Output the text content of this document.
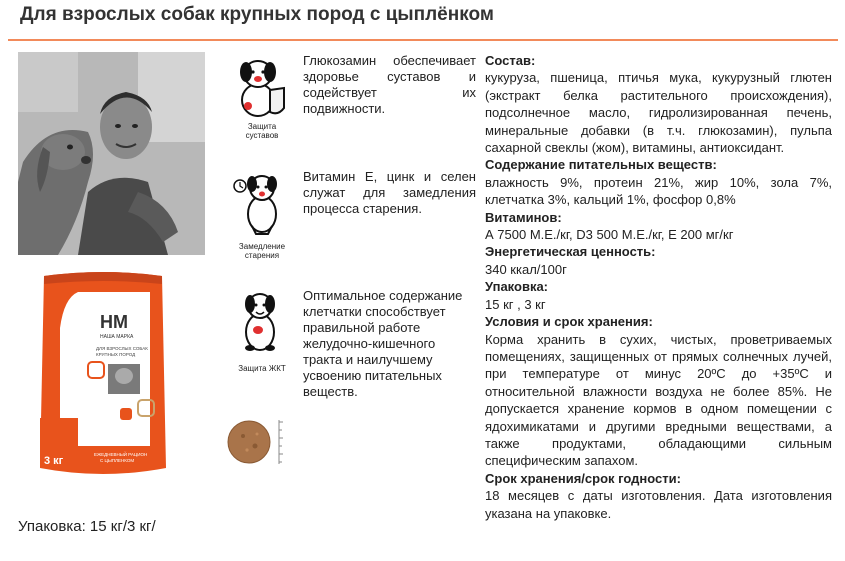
Для взрослых собак крупных пород с цыплёнком
НМ
НАША МАРКА
ДЛЯ ВЗРОСЛЫХ СОБАК
КРУПНЫХ ПОРОД
3 кг
ЕЖЕДНЕВНЫЙ РАЦИОН
С ЦЫПЛЕНКОМ
Упаковка: 15 кг/3 кг/
Защита
суставов
Глюкозамин обеспечивает здоровье суставов и содействует их подвижности.
Замедление
старения
Витамин Е, цинк и селен служат для замедления процесса старения.
Защита ЖКТ
Оптимальное содержание клетчатки способствует правильной работе желудочно-кишечного тракта и наилучшему усвоению питательных веществ.
Состав:
кукуруза, пшеница, птичья мука, кукурузный глютен (экстракт белка растительного происхождения), подсолнечное масло, гидролизированная печень, минеральные добавки (в т.ч. глюкозамин), пульпа сахарной свеклы (жом), витамины, антиоксидант.
Содержание питательных веществ:
влажность 9%, протеин 21%, жир 10%, зола 7%, клетчатка 3%, кальций 1%, фосфор 0,8%
Витаминов:
А 7500 М.Е./кг, D3 500 М.Е./кг, Е 200 мг/кг
Энергетическая ценность:
340 ккал/100г
Упаковка:
15 кг , 3 кг
Условия и срок хранения:
Корма хранить в сухих, чистых, проветриваемых помещениях, защищенных от прямых солнечных лучей, при температуре от минус 20ºС до +35ºС и относительной влажности воздуха не более 85%. Не допускается хранение кормов в одном помещении с ядохимикатами и другими вредными веществами, а также продуктами, обладающими сильным специфическим запахом.
Срок хранения/срок годности:
18 месяцев с даты изготовления. Дата изготовления указана на упаковке.
